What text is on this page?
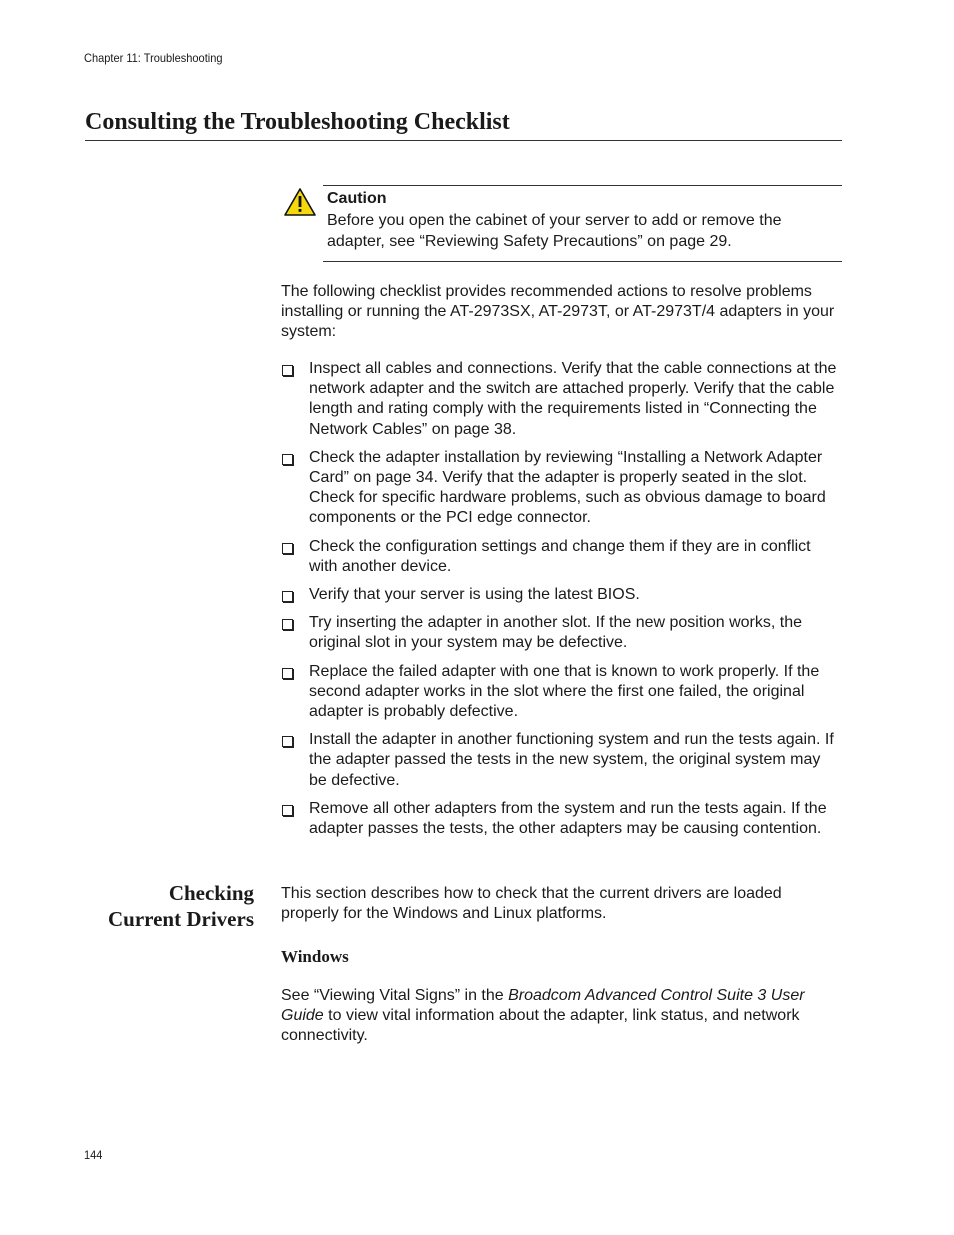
Chapter 11: Troubleshooting
Consulting the Troubleshooting Checklist
Caution
Before you open the cabinet of your server to add or remove the adapter, see “Reviewing Safety Precautions” on page 29.

The following checklist provides recommended actions to resolve problems installing or running the AT-2973SX, AT-2973T, or AT-2973T/4 adapters in your system:

Inspect all cables and connections. Verify that the cable connections at the network adapter and the switch are attached properly. Verify that the cable length and rating comply with the requirements listed in “Connecting the Network Cables” on page 38.
Check the adapter installation by reviewing “Installing a Network Adapter Card” on page 34. Verify that the adapter is properly seated in the slot. Check for specific hardware problems, such as obvious damage to board components or the PCI edge connector.
Check the configuration settings and change them if they are in conflict with another device.
Verify that your server is using the latest BIOS.
Try inserting the adapter in another slot. If the new position works, the original slot in your system may be defective.
Replace the failed adapter with one that is known to work properly. If the second adapter works in the slot where the first one failed, the original adapter is probably defective.
Install the adapter in another functioning system and run the tests again. If the adapter passed the tests in the new system, the original system may be defective.
Remove all other adapters from the system and run the tests again. If the adapter passes the tests, the other adapters may be causing contention.
Checking
Current Drivers

This section describes how to check that the current drivers are loaded properly for the Windows and Linux platforms.

Windows

See “Viewing Vital Signs” in the Broadcom Advanced Control Suite 3 User Guide to view vital information about the adapter, link status, and network connectivity.

144
